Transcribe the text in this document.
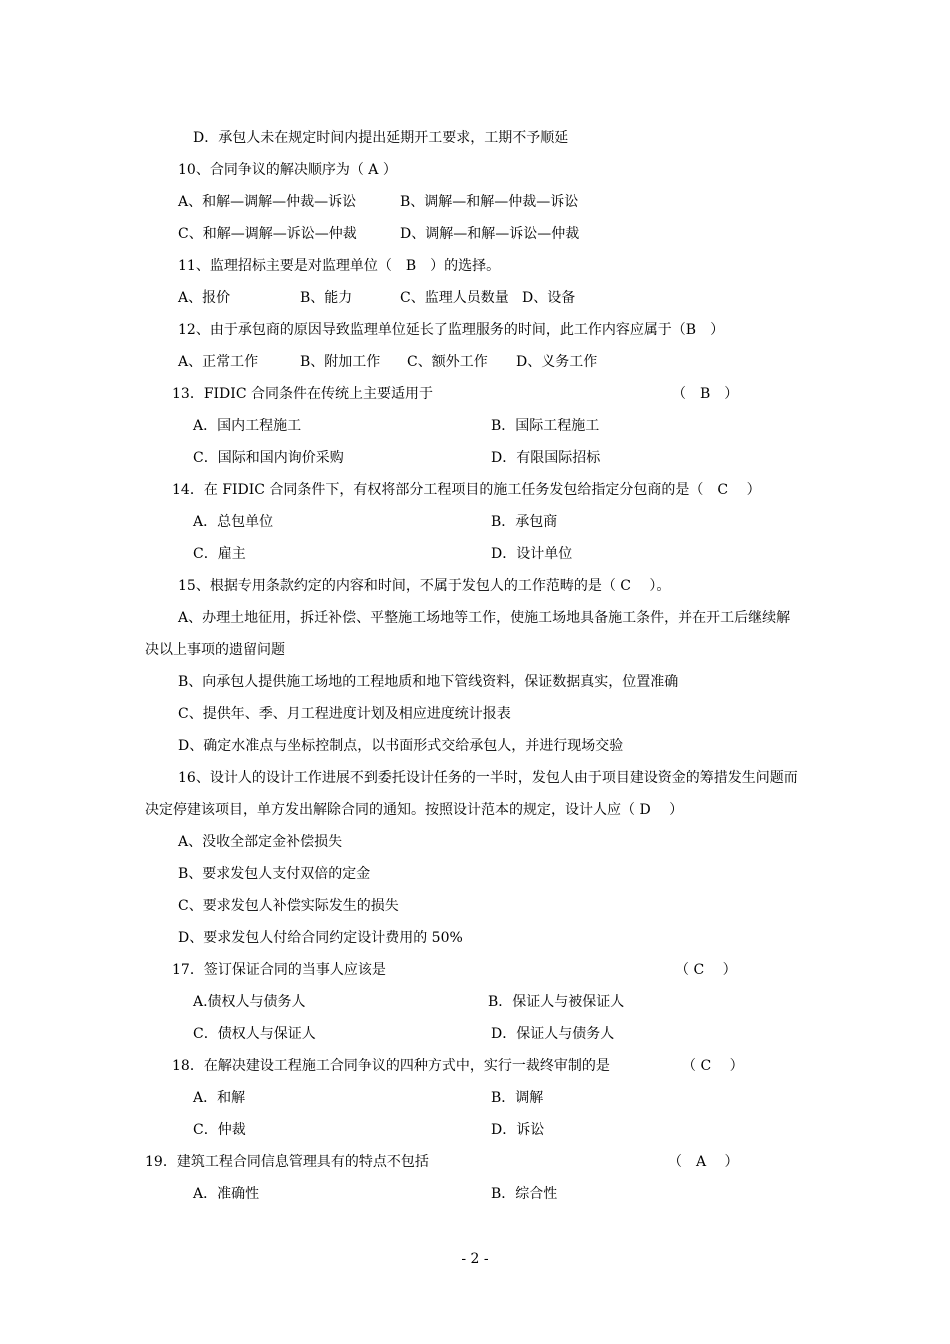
D．承包人未在规定时间内提出延期开工要求，工期不予顺延
10、合同争议的解决顺序为（ A ）
A、和解—调解—仲裁—诉讼	B、调解—和解—仲裁—诉讼
C、和解—调解—诉讼—仲裁	D、调解—和解—诉讼—仲裁
11、监理招标主要是对监理单位（　B　）的选择。
A、报价	B、能力	C、监理人员数量 D、设备
12、由于承包商的原因导致监理单位延长了监理服务的时间，此工作内容应属于（B　）
A、正常工作	B、附加工作 C、额外工作 D、义务工作
13．FIDIC 合同条件在传统上主要适用于	（　B　）
A．国内工程施工	B．国际工程施工
C．国际和国内询价采购	D．有限国际招标
14．在 FIDIC 合同条件下，有权将部分工程项目的施工任务发包给指定分包商的是（　C　 ）
A．总包单位	B．承包商
C．雇主	D．设计单位
15、根据专用条款约定的内容和时间，不属于发包人的工作范畴的是（ C　 ）。
A、办理土地征用，拆迁补偿、平整施工场地等工作，使施工场地具备施工条件，并在开工后继续解
决以上事项的遗留问题
B、向承包人提供施工场地的工程地质和地下管线资料，保证数据真实，位置准确
C、提供年、季、月工程进度计划及相应进度统计报表
D、确定水准点与坐标控制点，以书面形式交给承包人，并进行现场交验
16、设计人的设计工作进展不到委托设计任务的一半时，发包人由于项目建设资金的筹措发生问题而
决定停建该项目，单方发出解除合同的通知。按照设计范本的规定，设计人应（ D　 ）
A、没收全部定金补偿损失
B、要求发包人支付双倍的定金
C、要求发包人补偿实际发生的损失
D、要求发包人付给合同约定设计费用的 50%
17．签订保证合同的当事人应该是	（ C　 ）
A.债权人与债务人	B．保证人与被保证人
C．债权人与保证人	D．保证人与债务人
18．在解决建设工程施工合同争议的四种方式中，实行一裁终审制的是	（ C　 ）
A．和解	B．调解
C．仲裁	D．诉讼
19．建筑工程合同信息管理具有的特点不包括	（　A　 ）
A．准确性	B．综合性
- 2 -
